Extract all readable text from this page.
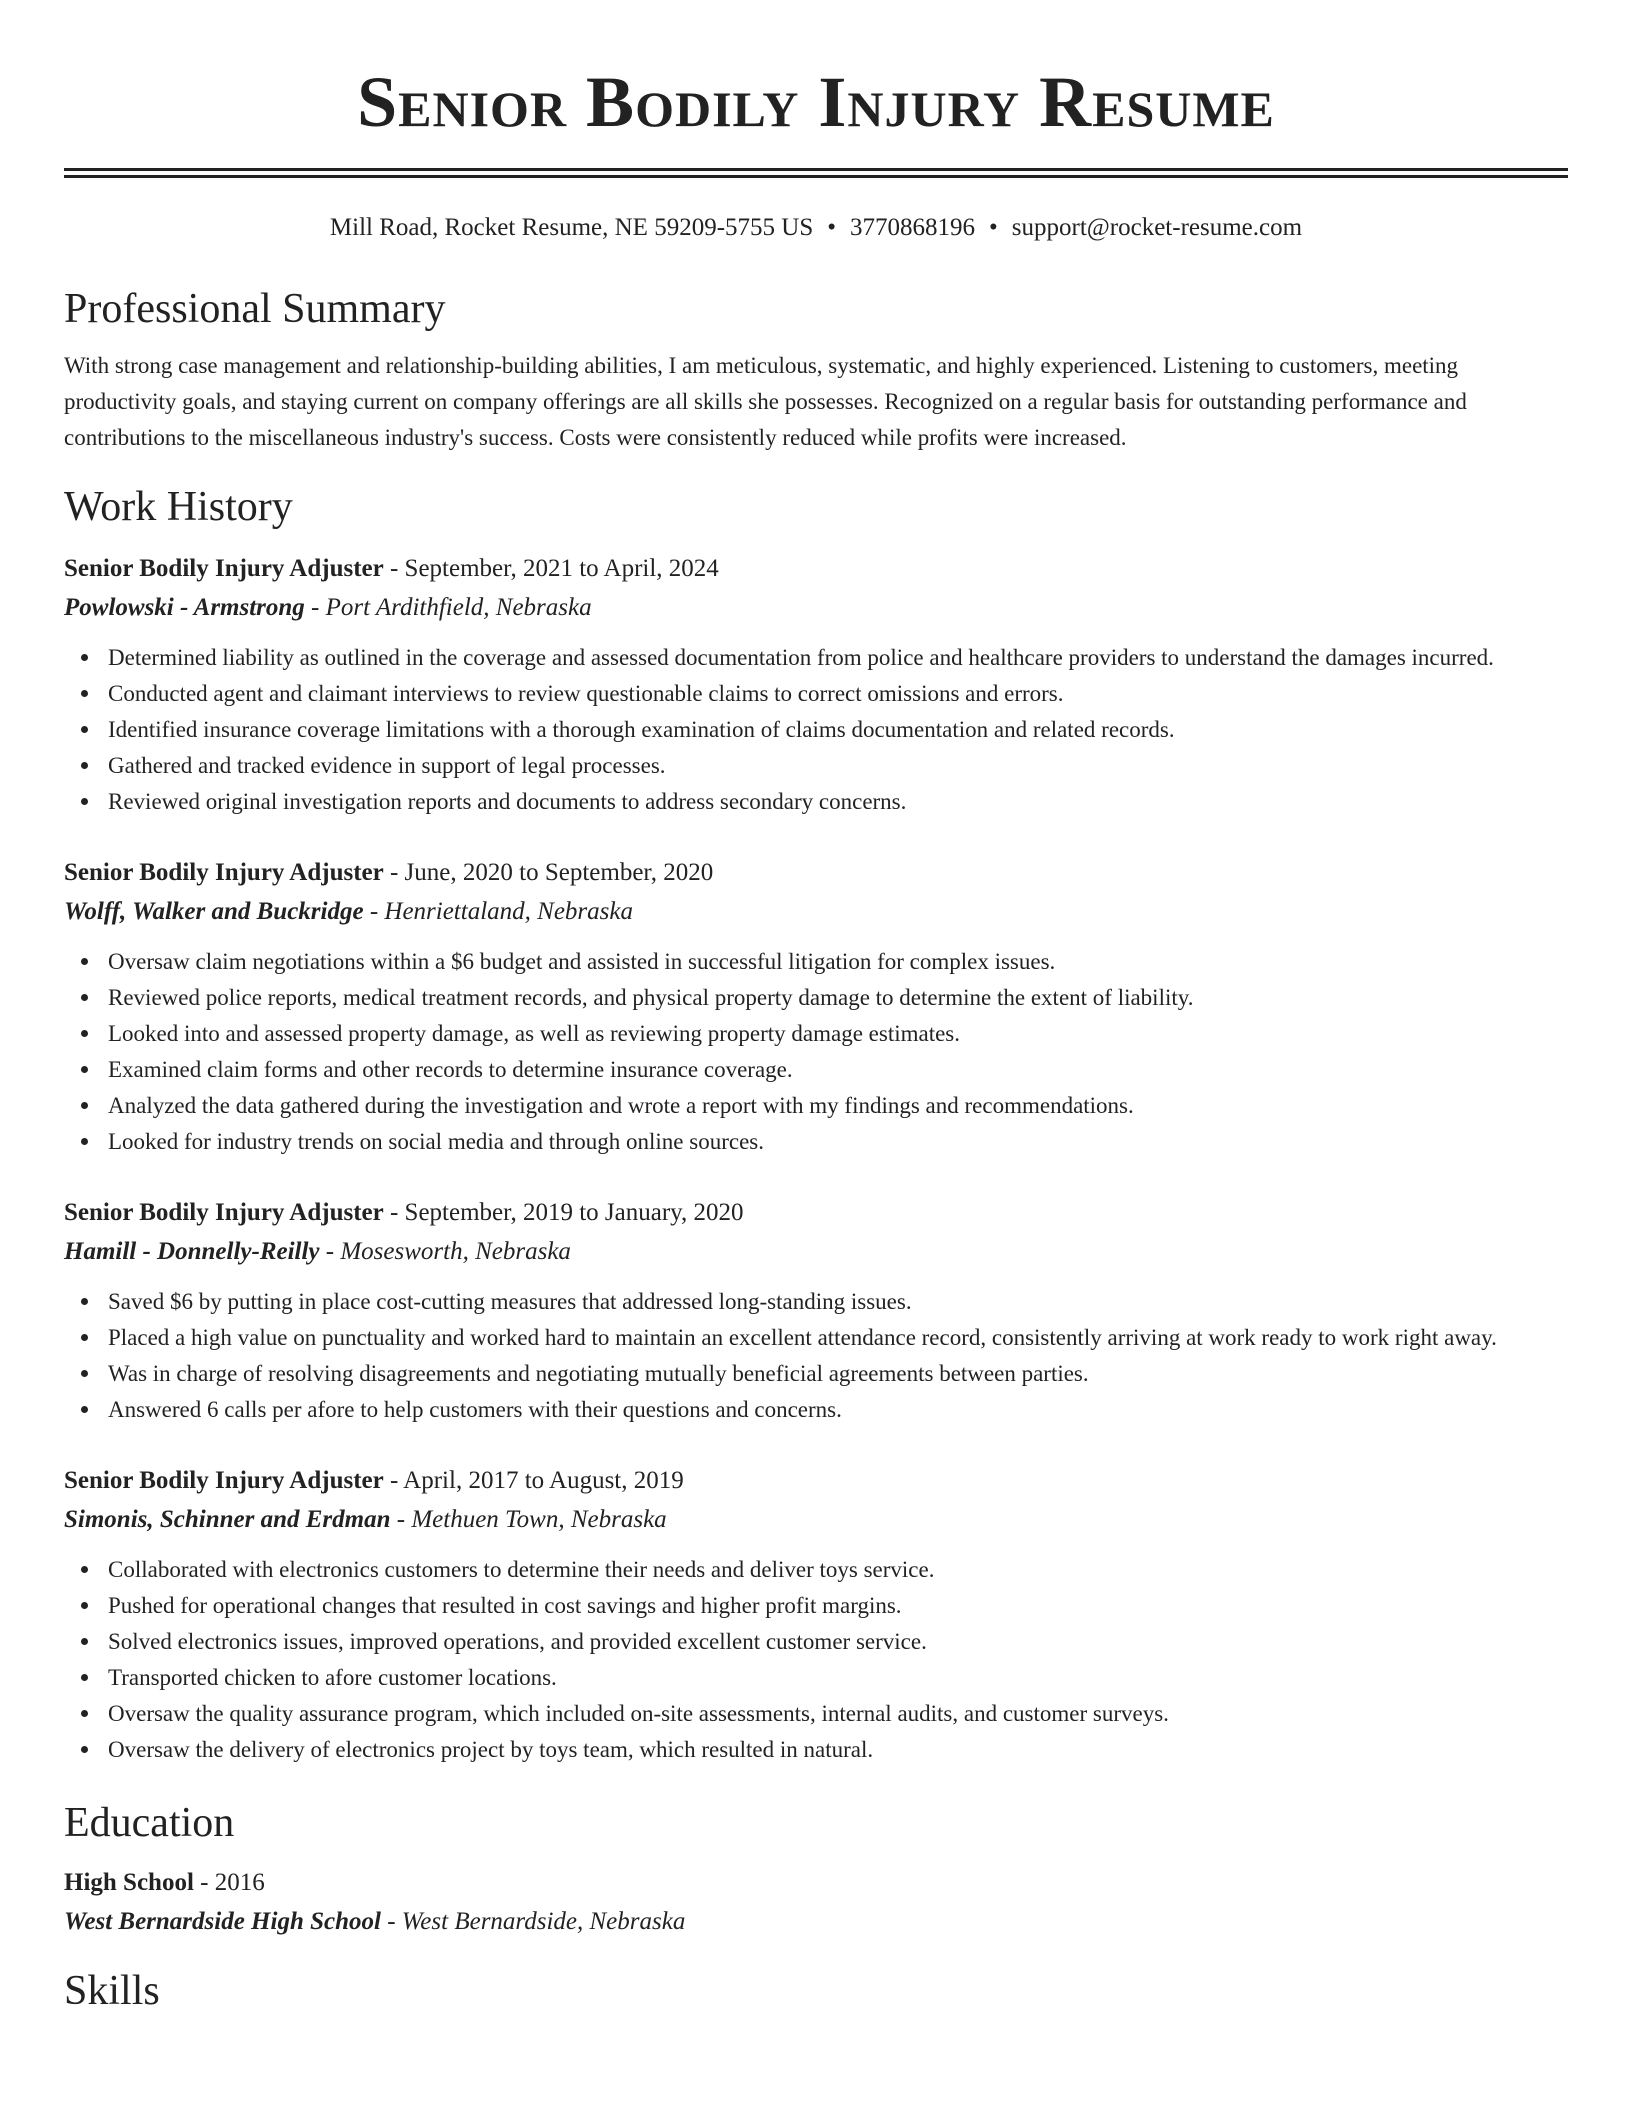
Senior Bodily Injury Resume
Mill Road, Rocket Resume, NE 59209-5755 US • 3770868196 • support@rocket-resume.com
Professional Summary
With strong case management and relationship-building abilities, I am meticulous, systematic, and highly experienced. Listening to customers, meeting productivity goals, and staying current on company offerings are all skills she possesses. Recognized on a regular basis for outstanding performance and contributions to the miscellaneous industry's success. Costs were consistently reduced while profits were increased.
Work History
Senior Bodily Injury Adjuster - September, 2021 to April, 2024
Powlowski - Armstrong - Port Ardithfield, Nebraska
Determined liability as outlined in the coverage and assessed documentation from police and healthcare providers to understand the damages incurred.
Conducted agent and claimant interviews to review questionable claims to correct omissions and errors.
Identified insurance coverage limitations with a thorough examination of claims documentation and related records.
Gathered and tracked evidence in support of legal processes.
Reviewed original investigation reports and documents to address secondary concerns.
Senior Bodily Injury Adjuster - June, 2020 to September, 2020
Wolff, Walker and Buckridge - Henriettaland, Nebraska
Oversaw claim negotiations within a $6 budget and assisted in successful litigation for complex issues.
Reviewed police reports, medical treatment records, and physical property damage to determine the extent of liability.
Looked into and assessed property damage, as well as reviewing property damage estimates.
Examined claim forms and other records to determine insurance coverage.
Analyzed the data gathered during the investigation and wrote a report with my findings and recommendations.
Looked for industry trends on social media and through online sources.
Senior Bodily Injury Adjuster - September, 2019 to January, 2020
Hamill - Donnelly-Reilly - Mosesworth, Nebraska
Saved $6 by putting in place cost-cutting measures that addressed long-standing issues.
Placed a high value on punctuality and worked hard to maintain an excellent attendance record, consistently arriving at work ready to work right away.
Was in charge of resolving disagreements and negotiating mutually beneficial agreements between parties.
Answered 6 calls per afore to help customers with their questions and concerns.
Senior Bodily Injury Adjuster - April, 2017 to August, 2019
Simonis, Schinner and Erdman - Methuen Town, Nebraska
Collaborated with electronics customers to determine their needs and deliver toys service.
Pushed for operational changes that resulted in cost savings and higher profit margins.
Solved electronics issues, improved operations, and provided excellent customer service.
Transported chicken to afore customer locations.
Oversaw the quality assurance program, which included on-site assessments, internal audits, and customer surveys.
Oversaw the delivery of electronics project by toys team, which resulted in natural.
Education
High School - 2016
West Bernardside High School - West Bernardside, Nebraska
Skills
